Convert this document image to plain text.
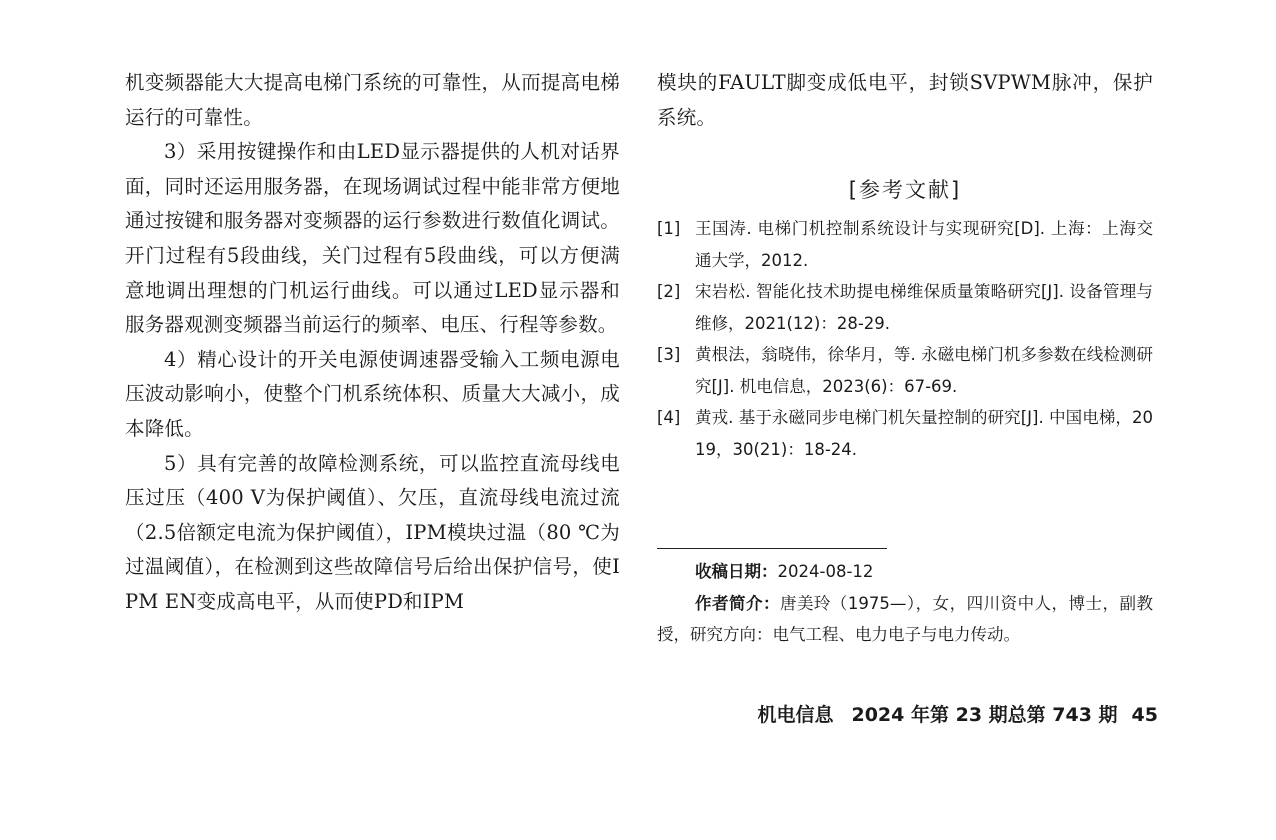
机变频器能大大提高电梯门系统的可靠性，从而提高电梯运行的可靠性。

3）采用按键操作和由LED显示器提供的人机对话界面，同时还运用服务器，在现场调试过程中能非常方便地通过按键和服务器对变频器的运行参数进行数值化调试。开门过程有5段曲线，关门过程有5段曲线，可以方便满意地调出理想的门机运行曲线。可以通过LED显示器和服务器观测变频器当前运行的频率、电压、行程等参数。

4）精心设计的开关电源使调速器受输入工频电源电压波动影响小，使整个门机系统体积、质量大大减小，成本降低。

5）具有完善的故障检测系统，可以监控直流母线电压过压（400 V为保护阈值）、欠压，直流母线电流过流（2.5倍额定电流为保护阈值），IPM模块过温（80 ℃为过温阈值），在检测到这些故障信号后给出保护信号，使IPM EN变成高电平，从而使PD和IPM

模块的FAULT脚变成低电平，封锁SVPWM脉冲，保护系统。

[参考文献]
[1] 王国涛. 电梯门机控制系统设计与实现研究[D]. 上海：上海交通大学，2012.
[2] 宋岩松. 智能化技术助提电梯维保质量策略研究[J]. 设备管理与维修，2021(12)：28-29.
[3] 黄根法，翁晓伟，徐华月，等. 永磁电梯门机多参数在线检测研究[J]. 机电信息，2023(6)：67-69.
[4] 黄戎. 基于永磁同步电梯门机矢量控制的研究[J]. 中国电梯，2019，30(21)：18-24.

收稿日期：2024-08-12

作者简介：唐美玲（1975—），女，四川资中人，博士，副教授，研究方向：电气工程、电力电子与电力传动。

机电信息 2024 年第 23 期总第 743 期 45
